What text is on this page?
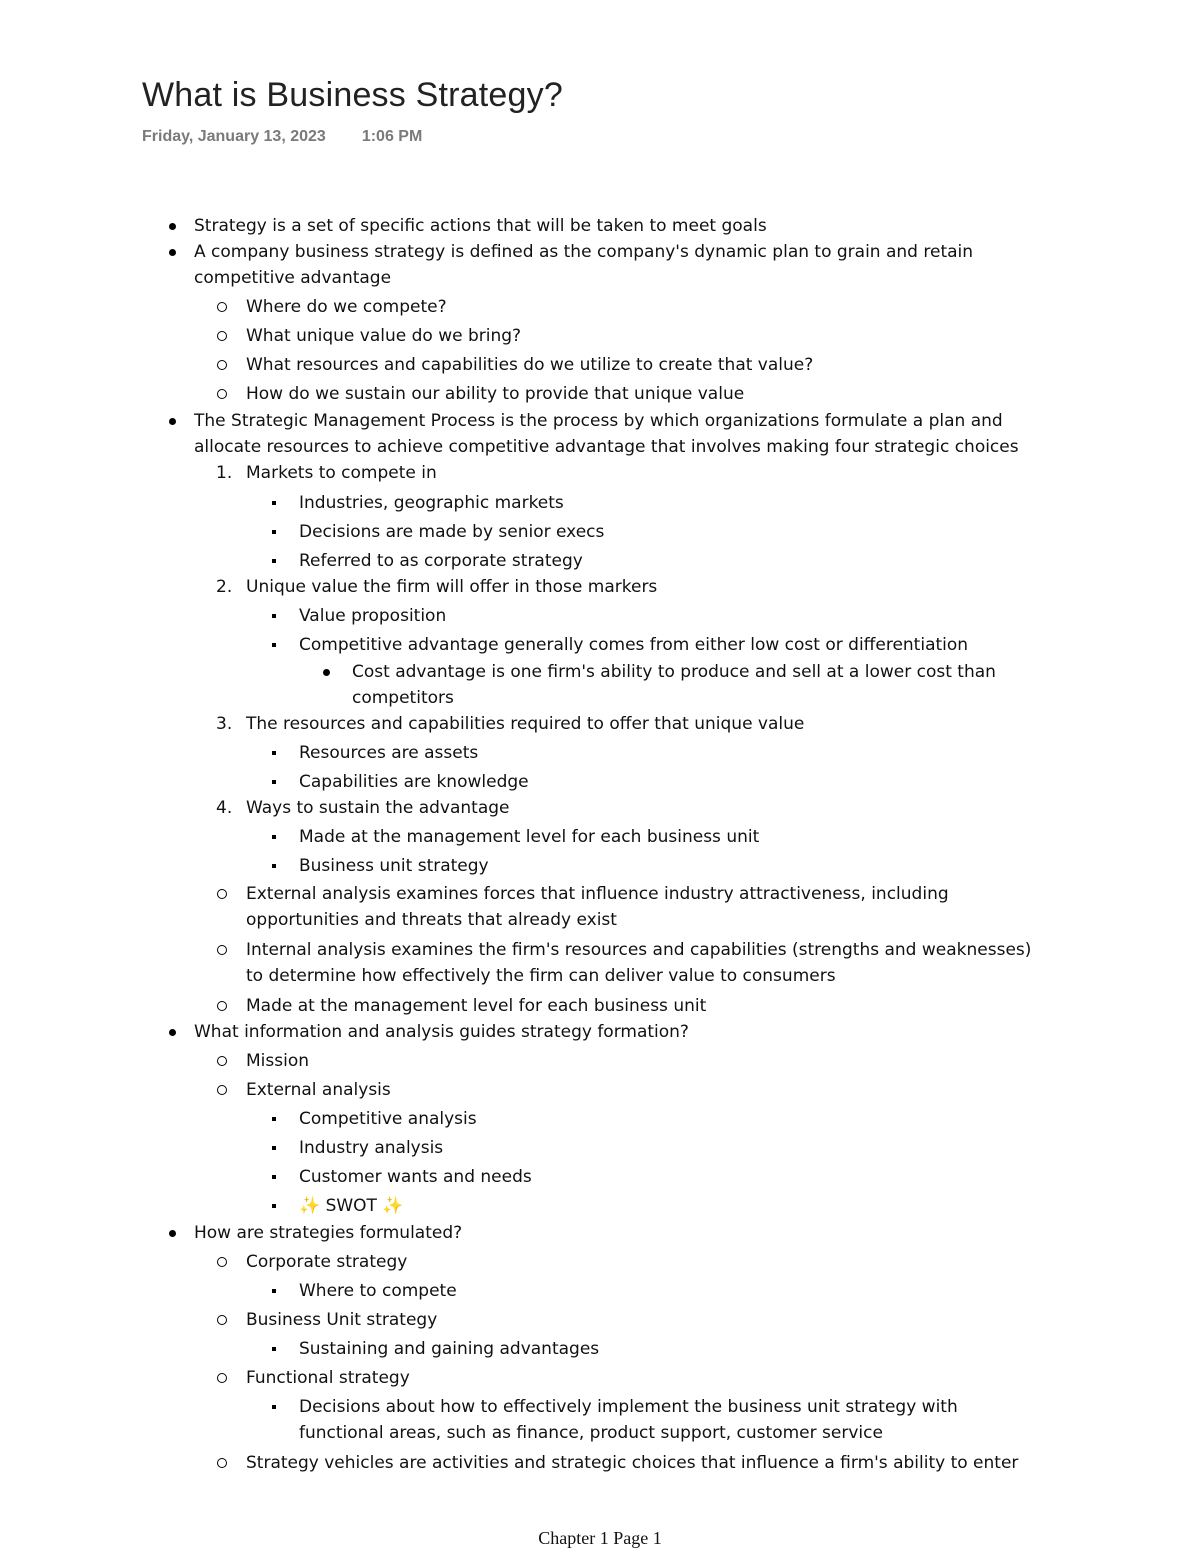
What is Business Strategy?
Friday, January 13, 2023 1:06 PM
Strategy is a set of specific actions that will be taken to meet goals
A company business strategy is defined as the company's dynamic plan to grain and retain
competitive advantage
Where do we compete?
What unique value do we bring?
What resources and capabilities do we utilize to create that value?
How do we sustain our ability to provide that unique value
The Strategic Management Process is the process by which organizations formulate a plan and
allocate resources to achieve competitive advantage that involves making four strategic choices
1. Markets to compete in
Industries, geographic markets
Decisions are made by senior execs
Referred to as corporate strategy
2. Unique value the firm will offer in those markers
Value proposition
Competitive advantage generally comes from either low cost or differentiation
Cost advantage is one firm's ability to produce and sell at a lower cost than
competitors
3. The resources and capabilities required to offer that unique value
Resources are assets
Capabilities are knowledge
4. Ways to sustain the advantage
Made at the management level for each business unit
Business unit strategy
External analysis examines forces that influence industry attractiveness, including
opportunities and threats that already exist
Internal analysis examines the firm's resources and capabilities (strengths and weaknesses)
to determine how effectively the firm can deliver value to consumers
Made at the management level for each business unit
What information and analysis guides strategy formation?
Mission
External analysis
Competitive analysis
Industry analysis
Customer wants and needs
✨ SWOT ✨
How are strategies formulated?
Corporate strategy
Where to compete
Business Unit strategy
Sustaining and gaining advantages
Functional strategy
Decisions about how to effectively implement the business unit strategy with
functional areas, such as finance, product support, customer service
Strategy vehicles are activities and strategic choices that influence a firm's ability to enter
Chapter 1 Page 1
